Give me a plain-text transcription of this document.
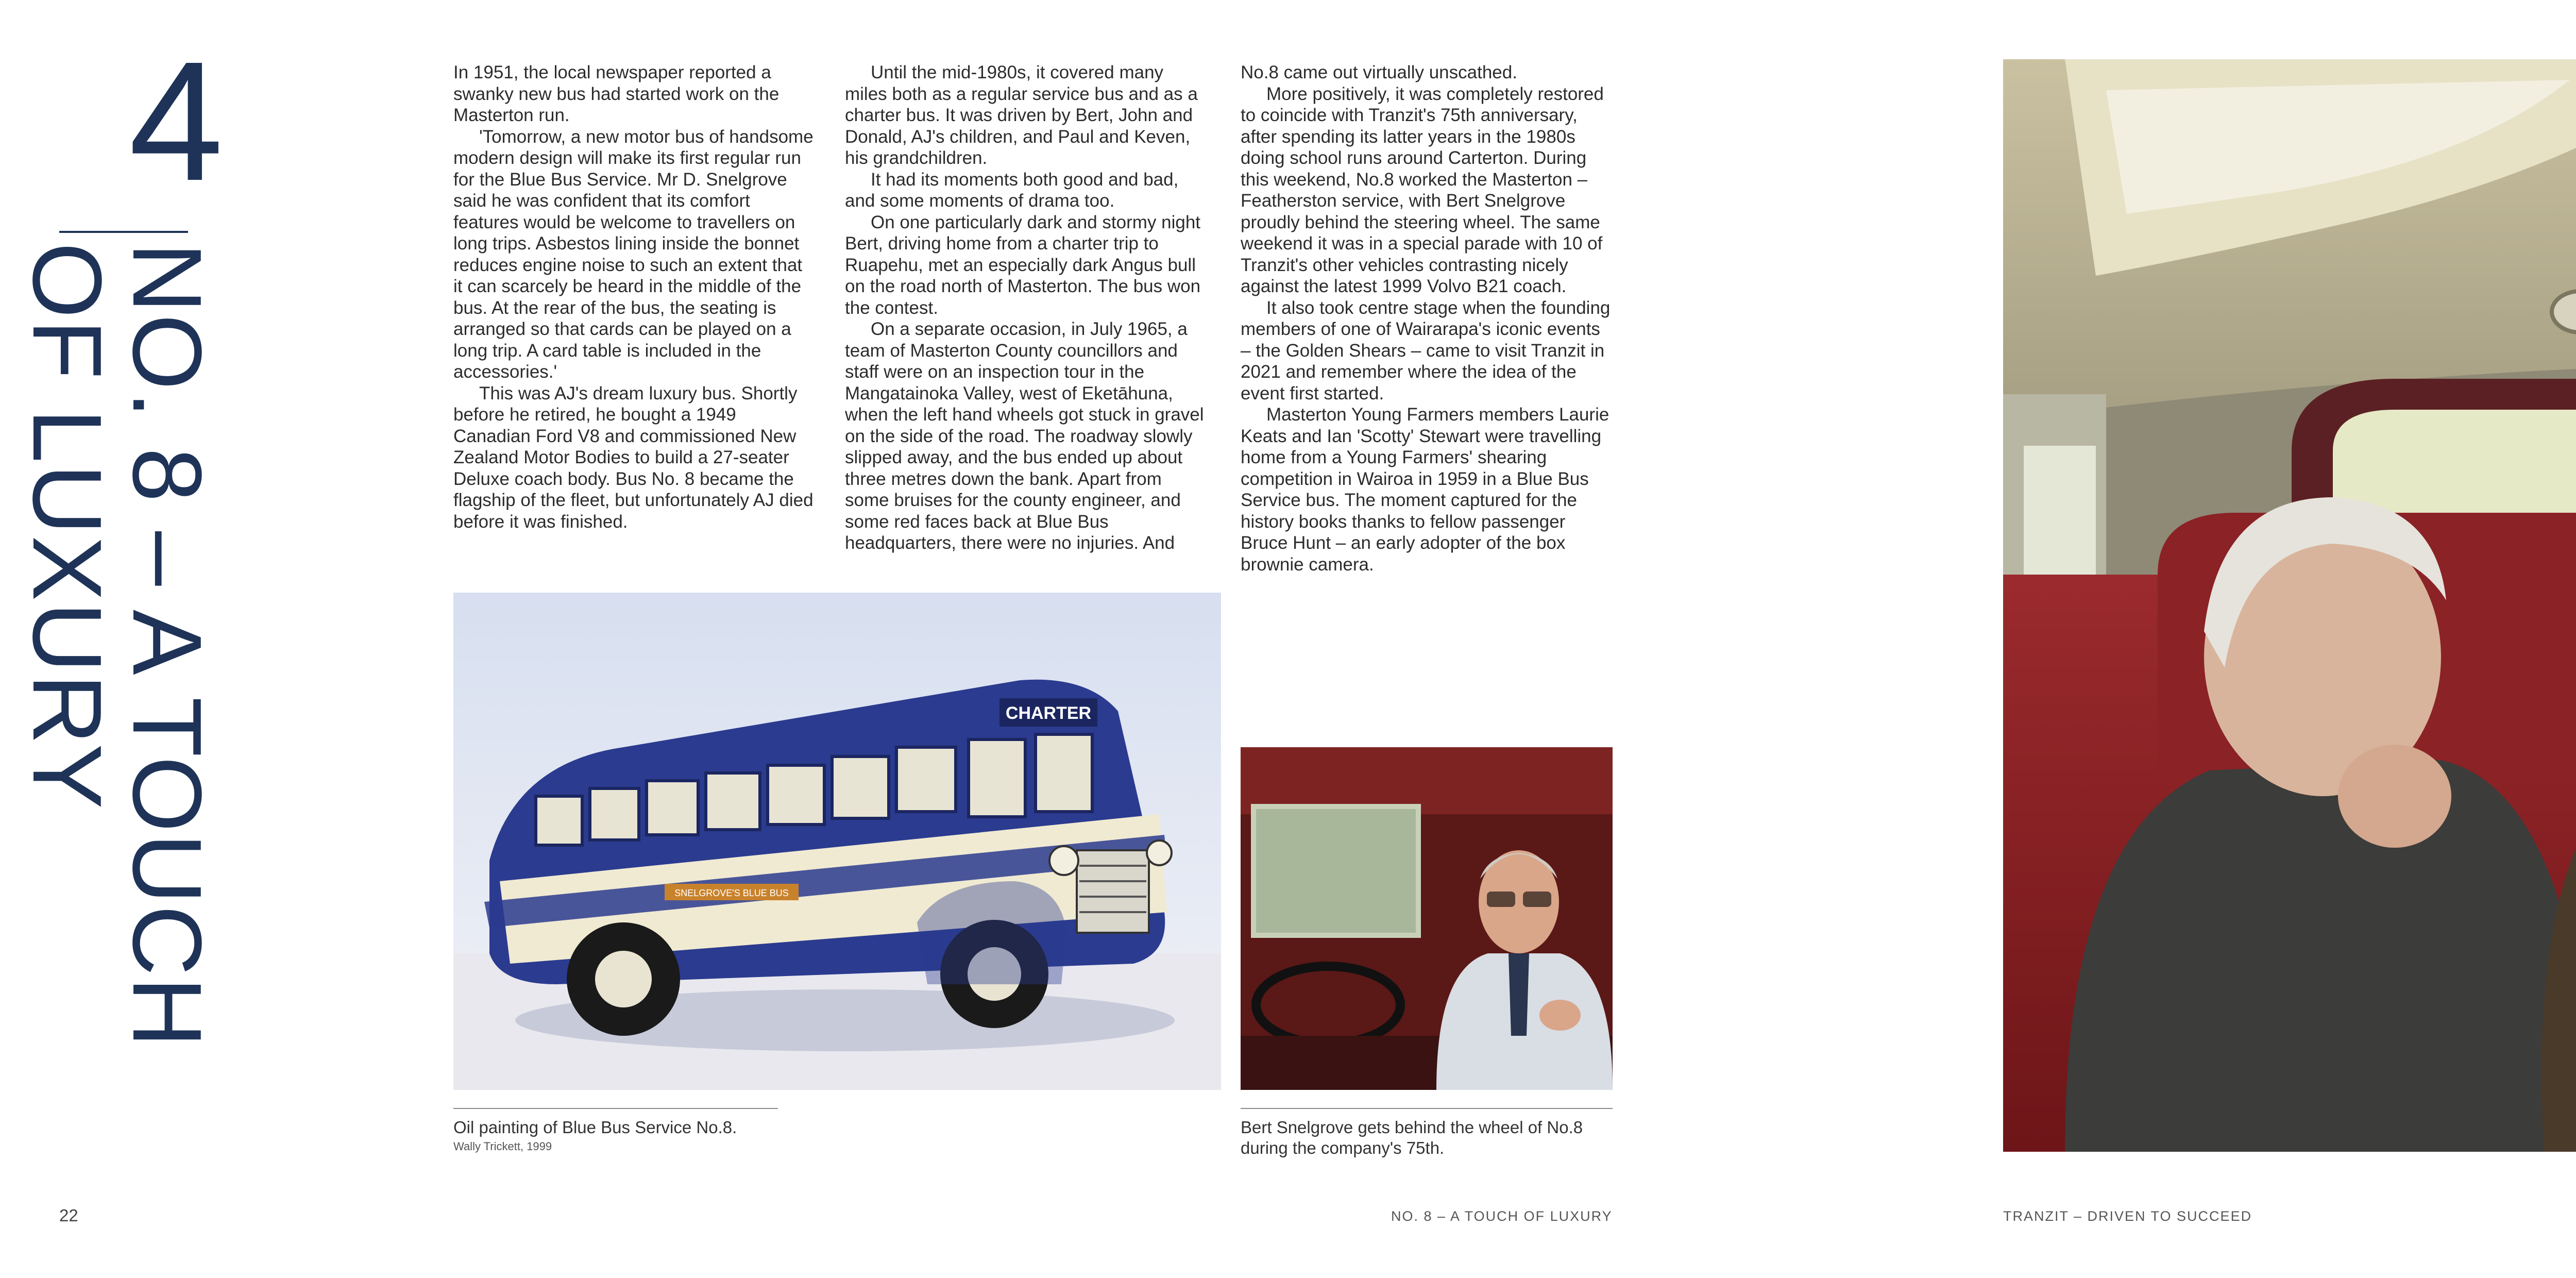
4
NO. 8 – A TOUCH
OF LUXURY

In 1951, the local newspaper reported a swanky new bus had started work on the Masterton run.

'Tomorrow, a new motor bus of handsome modern design will make its first regular run for the Blue Bus Service. Mr D. Snelgrove said he was confident that its comfort features would be welcome to travellers on long trips. Asbestos lining inside the bonnet reduces engine noise to such an extent that it can scarcely be heard in the middle of the bus. At the rear of the bus, the seating is arranged so that cards can be played on a long trip. A card table is included in the accessories.'

This was AJ's dream luxury bus. Shortly before he retired, he bought a 1949 Canadian Ford V8 and commissioned New Zealand Motor Bodies to build a 27-seater Deluxe coach body. Bus No. 8 became the flagship of the fleet, but unfortunately AJ died before it was finished.

Until the mid-1980s, it covered many miles both as a regular service bus and as a charter bus. It was driven by Bert, John and Donald, AJ's children, and Paul and Keven, his grandchildren.

It had its moments both good and bad, and some moments of drama too.

On one particularly dark and stormy night Bert, driving home from a charter trip to Ruapehu, met an especially dark Angus bull on the road north of Masterton. The bus won the contest.

On a separate occasion, in July 1965, a team of Masterton County councillors and staff were on an inspection tour in the Mangatainoka Valley, west of Eketāhuna, when the left hand wheels got stuck in gravel on the side of the road. The roadway slowly slipped away, and the bus ended up about three metres down the bank. Apart from some bruises for the county engineer, and some red faces back at Blue Bus headquarters, there were no injuries. And

No.8 came out virtually unscathed.

More positively, it was completely restored to coincide with Tranzit's 75th anniversary, after spending its latter years in the 1980s doing school runs around Carterton. During this weekend, No.8 worked the Masterton – Featherston service, with Bert Snelgrove proudly behind the steering wheel. The same weekend it was in a special parade with 10 of Tranzit's other vehicles contrasting nicely against the latest 1999 Volvo B21 coach.

It also took centre stage when the founding members of one of Wairarapa's iconic events – the Golden Shears – came to visit Tranzit in 2021 and remember where the idea of the event first started.

Masterton Young Farmers members Laurie Keats and Ian 'Scotty' Stewart were travelling home from a Young Farmers' shearing competition in Wairoa in 1959 in a Blue Bus Service bus. The moment captured for the history books thanks to fellow passenger Bruce Hunt – an early adopter of the box brownie camera.

CHARTER
SNELGROVE'S BLUE BUS
Oil painting of Blue Bus Service No.8.
Wally Trickett, 1999
Bert Snelgrove gets behind the wheel of No.8 during the company's 75th.
22	NO. 8 – A TOUCH OF LUXURY	TRANZIT – DRIVEN TO SUCCEED
